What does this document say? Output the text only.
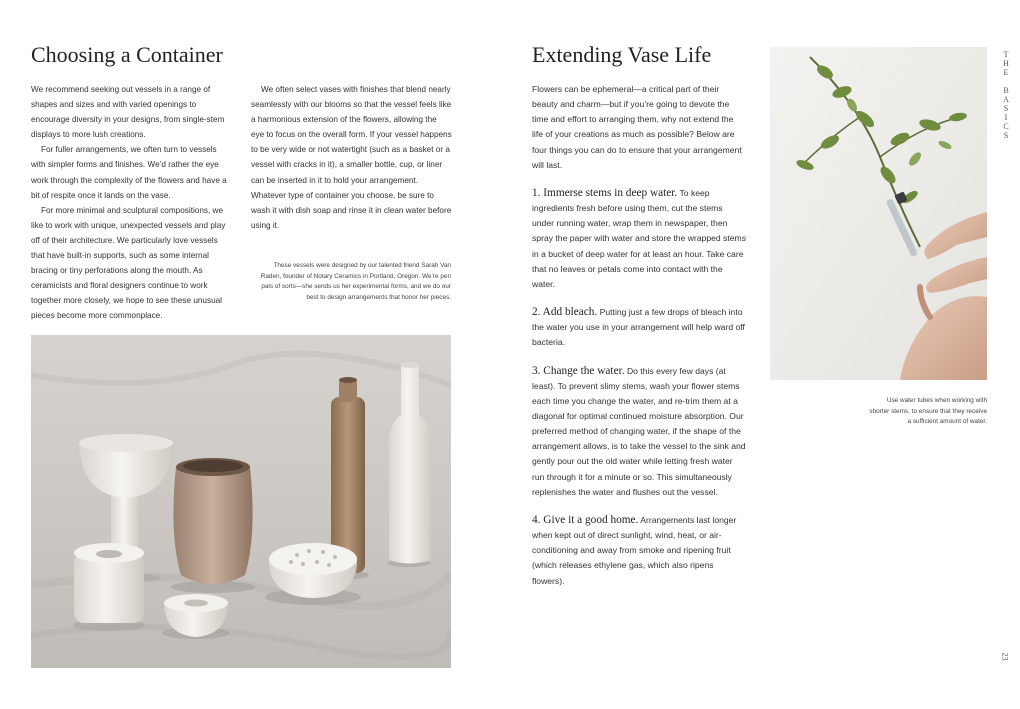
Choosing a Container

We recommend seeking out vessels in a range of shapes and sizes and with varied openings to encourage diversity in your designs, from single-stem displays to more lush creations.

For fuller arrangements, we often turn to vessels with simpler forms and finishes. We’d rather the eye work through the complexity of the flowers and have a bit of respite once it lands on the vase.

For more minimal and sculptural compositions, we like to work with unique, unexpected vessels and play off of their architecture. We particularly love vessels that have built-in supports, such as some internal bracing or tiny perforations along the mouth. As ceramicists and floral designers continue to work together more closely, we hope to see these unusual pieces become more commonplace.

We often select vases with finishes that blend nearly seamlessly with our blooms so that the vessel feels like a harmonious extension of the flowers, allowing the eye to focus on the overall form. If your vessel happens to be very wide or not watertight (such as a basket or a vessel with cracks in it), a smaller bottle, cup, or liner can be inserted in it to hold your arrangement. Whatever type of container you choose, be sure to wash it with dish soap and rinse it in clean water before using it.

These vessels were designed by our talented friend Sarah Van Raden, founder of Notary Ceramics in Portland, Oregon. We’re pen pals of sorts—she sends us her experimental forms, and we do our best to design arrangements that honor her pieces.
Extending Vase Life

Flowers can be ephemeral—a critical part of their beauty and charm—but if you’re going to devote the time and effort to arranging them, why not extend the life of your creations as much as possible? Below are four things you can do to ensure that your arrangement will last.

1. Immerse stems in deep water. To keep ingredients fresh before using them, cut the stems under running water, wrap them in newspaper, then spray the paper with water and store the wrapped stems in a bucket of deep water for at least an hour. Take care that no leaves or petals come into contact with the water.

2. Add bleach. Putting just a few drops of bleach into the water you use in your arrangement will help ward off bacteria.

3. Change the water. Do this every few days (at least). To prevent slimy stems, wash your flower stems each time you change the water, and re-trim them at a diagonal for optimal continued moisture absorption. Our preferred method of changing water, if the shape of the arrangement allows, is to take the vessel to the sink and gently pour out the old water while letting fresh water run through it for a minute or so. This simultaneously replenishes the water and flushes out the vessel.

4. Give it a good home. Arrangements last longer when kept out of direct sunlight, wind, heat, or air-conditioning and away from smoke and ripening fruit (which releases ethylene gas, which also ripens flowers).

Use water tubes when working with shorter stems, to ensure that they receive a sufficient amount of water.
T
H
E

B
A
S
I
C
S
23
